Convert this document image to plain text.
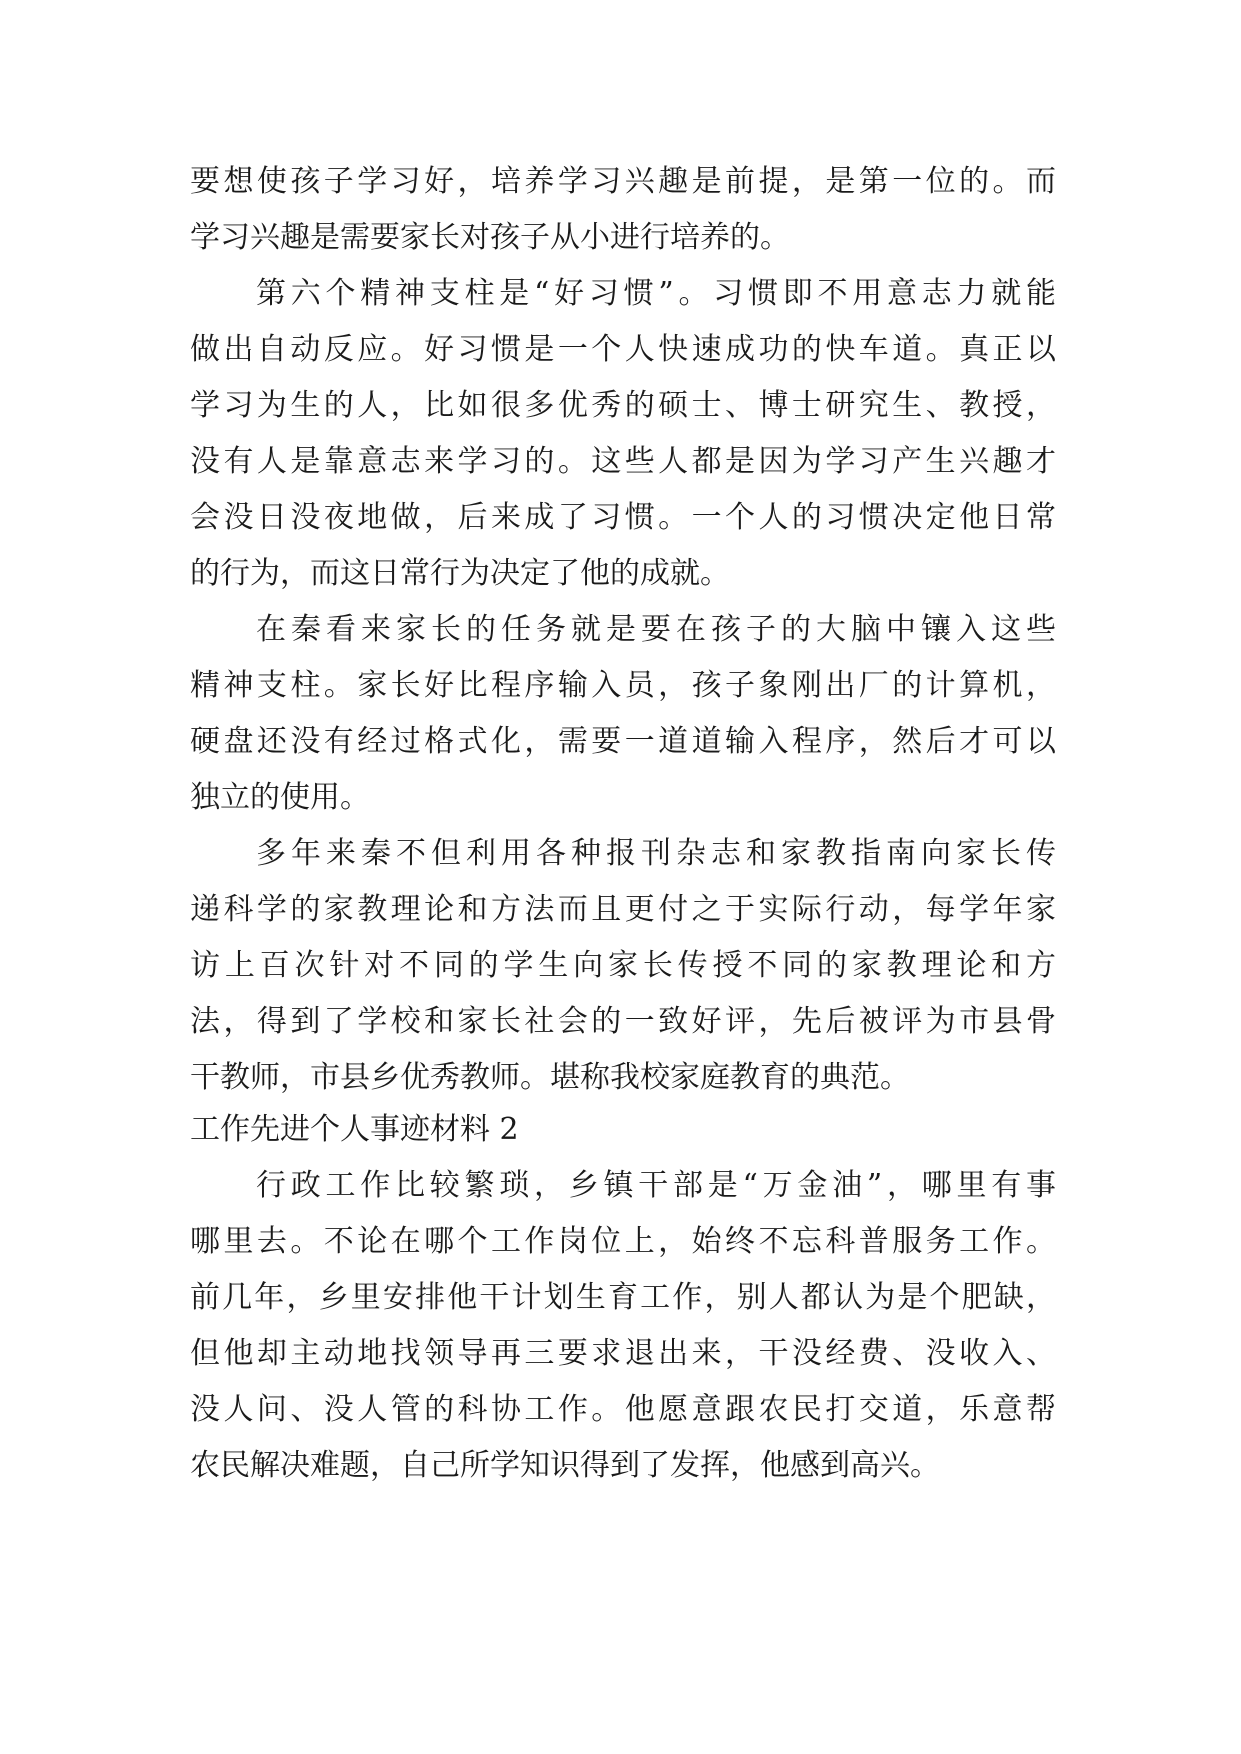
要想使孩子学习好，培养学习兴趣是前提，是第一位的。而
学习兴趣是需要家长对孩子从小进行培养的。
第六个精神支柱是“好习惯”。习惯即不用意志力就能
做出自动反应。好习惯是一个人快速成功的快车道。真正以
学习为生的人，比如很多优秀的硕士、博士研究生、教授，
没有人是靠意志来学习的。这些人都是因为学习产生兴趣才
会没日没夜地做，后来成了习惯。一个人的习惯决定他日常
的行为，而这日常行为决定了他的成就。
在秦看来家长的任务就是要在孩子的大脑中镶入这些
精神支柱。家长好比程序输入员，孩子象刚出厂的计算机，
硬盘还没有经过格式化，需要一道道输入程序，然后才可以
独立的使用。
多年来秦不但利用各种报刊杂志和家教指南向家长传
递科学的家教理论和方法而且更付之于实际行动，每学年家
访上百次针对不同的学生向家长传授不同的家教理论和方
法，得到了学校和家长社会的一致好评，先后被评为市县骨
干教师，市县乡优秀教师。堪称我校家庭教育的典范。
工作先进个人事迹材料 2
行政工作比较繁琐，乡镇干部是“万金油”，哪里有事
哪里去。不论在哪个工作岗位上，始终不忘科普服务工作。
前几年，乡里安排他干计划生育工作，别人都认为是个肥缺，
但他却主动地找领导再三要求退出来，干没经费、没收入、
没人问、没人管的科协工作。他愿意跟农民打交道，乐意帮
农民解决难题，自己所学知识得到了发挥，他感到高兴。
